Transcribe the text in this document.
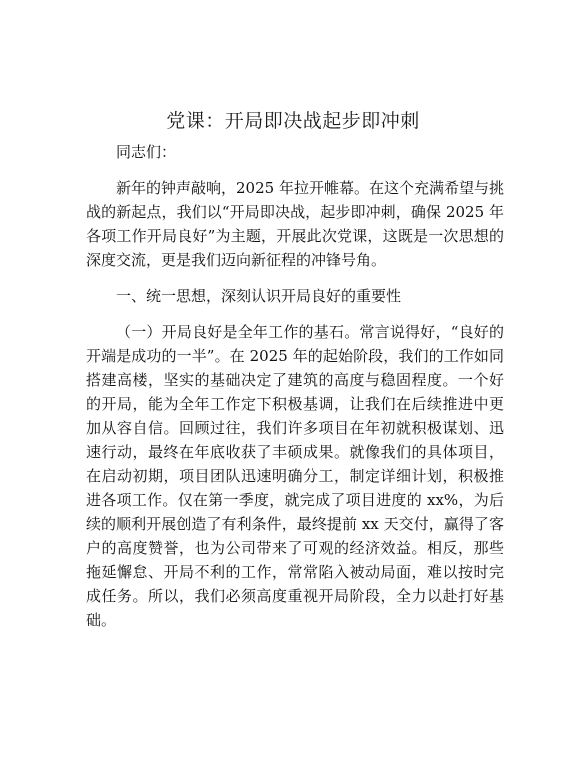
党课：开局即决战起步即冲刺

同志们：

新年的钟声敲响，2025 年拉开帷幕。在这个充满希望与挑战的新起点，我们以“开局即决战，起步即冲刺，确保 2025 年各项工作开局良好”为主题，开展此次党课，这既是一次思想的深度交流，更是我们迈向新征程的冲锋号角。

一、统一思想，深刻认识开局良好的重要性

（一）开局良好是全年工作的基石。常言说得好，“良好的开端是成功的一半”。在 2025 年的起始阶段，我们的工作如同搭建高楼，坚实的基础决定了建筑的高度与稳固程度。一个好的开局，能为全年工作定下积极基调，让我们在后续推进中更加从容自信。回顾过往，我们许多项目在年初就积极谋划、迅速行动，最终在年底收获了丰硕成果。就像我们的具体项目，在启动初期，项目团队迅速明确分工，制定详细计划，积极推进各项工作。仅在第一季度，就完成了项目进度的 xx%，为后续的顺利开展创造了有利条件，最终提前 xx 天交付，赢得了客户的高度赞誉，也为公司带来了可观的经济效益。相反，那些拖延懈怠、开局不利的工作，常常陷入被动局面，难以按时完成任务。所以，我们必须高度重视开局阶段，全力以赴打好基础。
